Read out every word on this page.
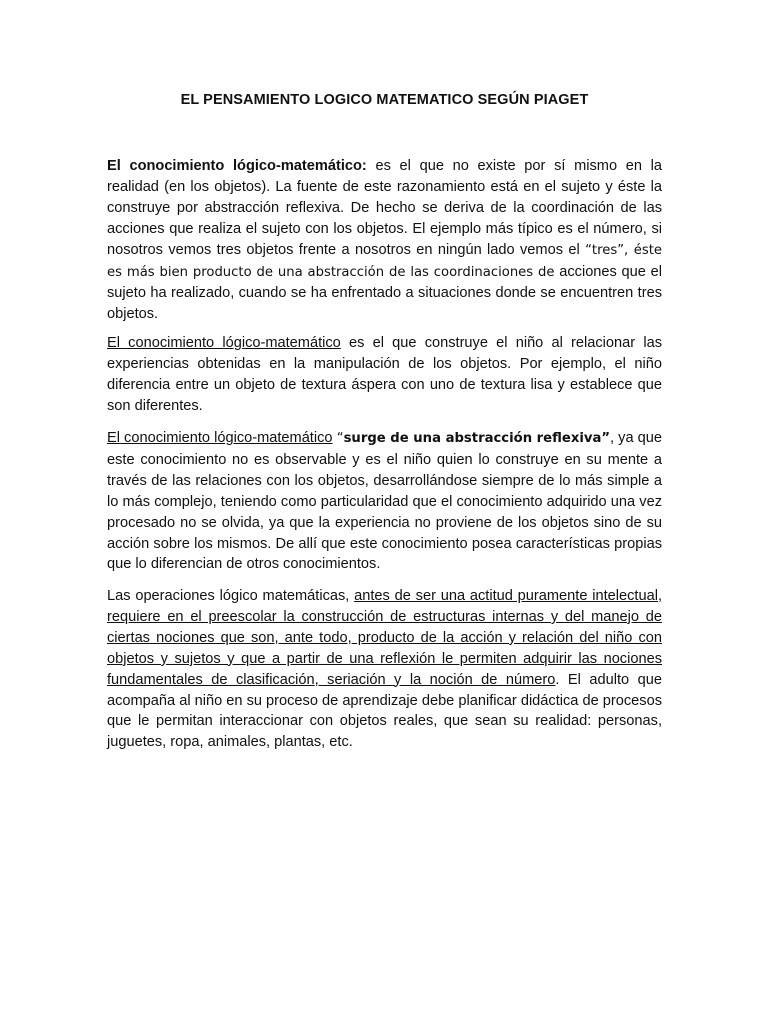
EL PENSAMIENTO LOGICO MATEMATICO SEGÚN PIAGET
El conocimiento lógico-matemático: es el que no existe por sí mismo en la realidad (en los objetos). La fuente de este razonamiento está en el sujeto y éste la construye por abstracción reflexiva. De hecho se deriva de la coordinación de las acciones que realiza el sujeto con los objetos. El ejemplo más típico es el número, si nosotros vemos tres objetos frente a nosotros en ningún lado vemos el “tres”, éste es más bien producto de una abstracción de las coordinaciones de acciones que el sujeto ha realizado, cuando se ha enfrentado a situaciones donde se encuentren tres objetos.
El conocimiento lógico-matemático es el que construye el niño al relacionar las experiencias obtenidas en la manipulación de los objetos. Por ejemplo, el niño diferencia entre un objeto de textura áspera con uno de textura lisa y establece que son diferentes.
El conocimiento lógico-matemático “surge de una abstracción reflexiva”, ya que este conocimiento no es observable y es el niño quien lo construye en su mente a través de las relaciones con los objetos, desarrollándose siempre de lo más simple a lo más complejo, teniendo como particularidad que el conocimiento adquirido una vez procesado no se olvida, ya que la experiencia no proviene de los objetos sino de su acción sobre los mismos. De allí que este conocimiento posea características propias que lo diferencian de otros conocimientos.
Las operaciones lógico matemáticas, antes de ser una actitud puramente intelectual, requiere en el preescolar la construcción de estructuras internas y del manejo de ciertas nociones que son, ante todo, producto de la acción y relación del niño con objetos y sujetos y que a partir de una reflexión le permiten adquirir las nociones fundamentales de clasificación, seriación y la noción de número. El adulto que acompaña al niño en su proceso de aprendizaje debe planificar didáctica de procesos que le permitan interaccionar con objetos reales, que sean su realidad: personas, juguetes, ropa, animales, plantas, etc.
